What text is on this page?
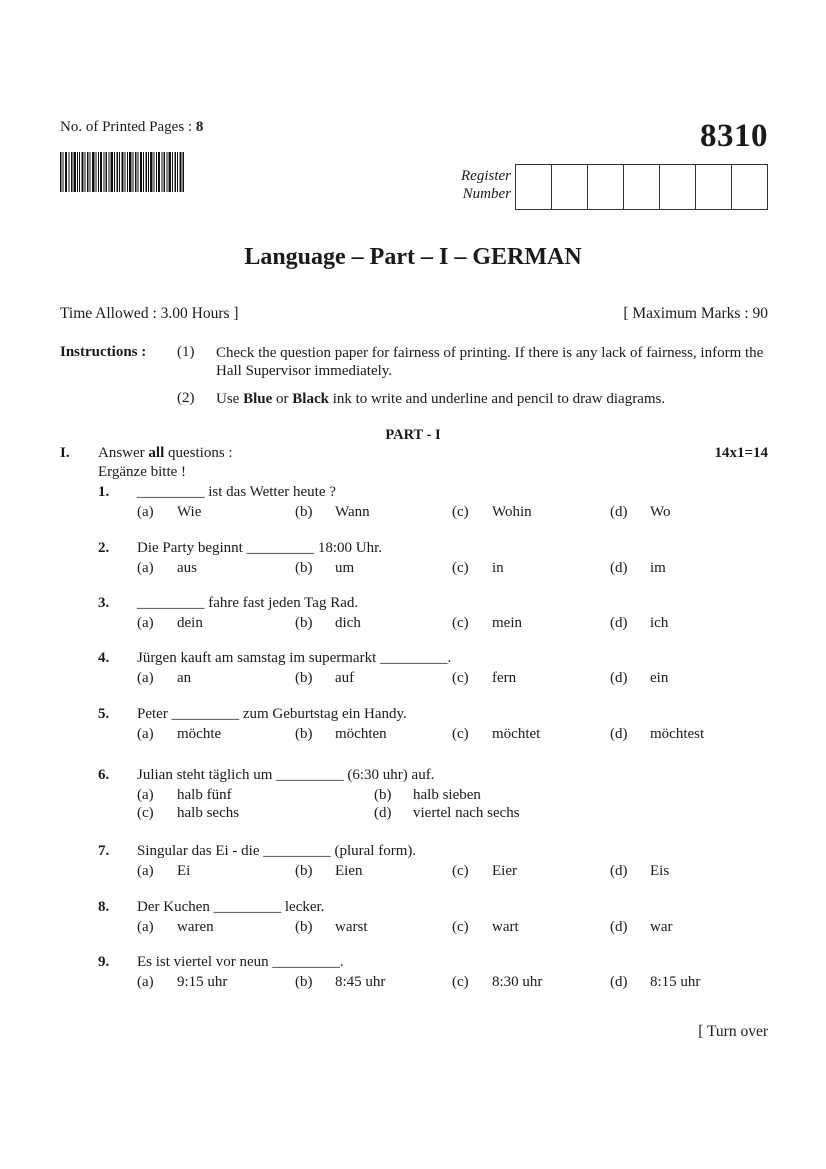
No. of Printed Pages : 8	8310
Register
Number
Language – Part – I – GERMAN
Time Allowed : 3.00 Hours ]	[ Maximum Marks : 90
Instructions : (1) Check the question paper for fairness of printing. If there is any lack of fairness, inform the Hall Supervisor immediately.
(2) Use Blue or Black ink to write and underline and pencil to draw diagrams.
PART - I
I. Answer all questions :	14x1=14
Ergänze bitte !
1. _________ ist das Wetter heute ?
(a) Wie	(b) Wann	(c) Wohin	(d) Wo
2. Die Party beginnt _________ 18:00 Uhr.
(a) aus	(b) um	(c) in	(d) im
3. _________ fahre fast jeden Tag Rad.
(a) dein	(b) dich	(c) mein	(d) ich
4. Jürgen kauft am samstag im supermarkt _________.
(a) an	(b) auf	(c) fern	(d) ein
5. Peter _________ zum Geburtstag ein Handy.
(a) möchte	(b) möchten	(c) möchtet	(d) möchtest
6. Julian steht täglich um _________ (6:30 uhr) auf.
(a) halb fünf	(b) halb sieben
(c) halb sechs	(d) viertel nach sechs
7. Singular das Ei - die _________ (plural form).
(a) Ei	(b) Eien	(c) Eier	(d) Eis
8. Der Kuchen _________ lecker.
(a) waren	(b) warst	(c) wart	(d) war
9. Es ist viertel vor neun _________.
(a) 9:15 uhr	(b) 8:45 uhr	(c) 8:30 uhr	(d) 8:15 uhr
[ Turn over
